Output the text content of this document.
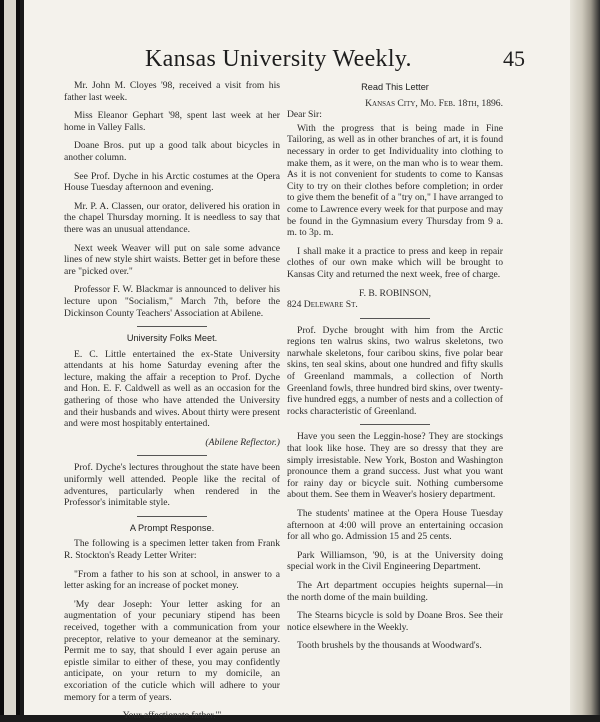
Kansas University Weekly.	45

Mr. John M. Cloyes '98, received a visit from his father last week.

Miss Eleanor Gephart '98, spent last week at her home in Valley Falls.

Doane Bros. put up a good talk about bicycles in another column.

See Prof. Dyche in his Arctic costumes at the Opera House Tuesday afternoon and evening.

Mr. P. A. Classen, our orator, delivered his oration in the chapel Thursday morning. It is needless to say that there was an unusual attendance.

Next week Weaver will put on sale some advance lines of new style shirt waists. Better get in before these are "picked over."

Professor F. W. Blackmar is announced to deliver his lecture upon "Socialism," March 7th, before the Dickinson County Teachers' Association at Abilene.

University Folks Meet.

E. C. Little entertained the ex-State University attendants at his home Saturday evening after the lecture, making the affair a reception to Prof. Dyche and Hon. E. F. Caldwell as well as an occasion for the gathering of those who have attended the University and their husbands and wives. About thirty were present and were most hospitably entertained.

(Abilene Reflector.)

Prof. Dyche's lectures throughout the state have been uniformly well attended. People like the recital of adventures, particularly when rendered in the Professor's inimitable style.

A Prompt Response.

The following is a specimen letter taken from Frank R. Stockton's Ready Letter Writer:

"From a father to his son at school, in answer to a letter asking for an increase of pocket money.

'My dear Joseph: Your letter asking for an augmentation of your pecuniary stipend has been received, together with a communication from your preceptor, relative to your demeanor at the seminary. Permit me to say, that should I ever again peruse an epistle similar to either of these, you may confidently anticipate, on your return to my domicile, an excoriation of the cuticle which will adhere to your memory for a term of years.

Your affectionate father.'"

Read This Letter

Kansas City, Mo. Feb. 18th, 1896.

Dear Sir:

With the progress that is being made in Fine Tailoring, as well as in other branches of art, it is found necessary in order to get Individuality into clothing to make them, as it were, on the man who is to wear them. As it is not convenient for students to come to Kansas City to try on their clothes before completion; in order to give them the benefit of a "try on," I have arranged to come to Lawrence every week for that purpose and may be found in the Gymnasium every Thursday from 9 a. m. to 3p. m.

I shall make it a practice to press and keep in repair clothes of our own make which will be brought to Kansas City and returned the next week, free of charge.

F. B. ROBINSON,

824 Deleware St.

Prof. Dyche brought with him from the Arctic regions ten walrus skins, two walrus skeletons, two narwhale skeletons, four caribou skins, five polar bear skins, ten seal skins, about one hundred and fifty skulls of Greenland mammals, a collection of North Greenland fowls, three hundred bird skins, over twenty-five hundred eggs, a number of nests and a collection of rocks characteristic of Greenland.

Have you seen the Leggin-hose? They are stockings that look like hose. They are so dressy that they are simply irresistable. New York, Boston and Washington pronounce them a grand success. Just what you want for rainy day or bicycle suit. Nothing cumbersome about them. See them in Weaver's hosiery department.

The students' matinee at the Opera House Tuesday afternoon at 4:00 will prove an entertaining occasion for all who go. Admission 15 and 25 cents.

Park Williamson, '90, is at the University doing special work in the Civil Engineering Department.

The Art department occupies heights supernal—in the north dome of the main building.

The Stearns bicycle is sold by Doane Bros. See their notice elsewhere in the Weekly.

Tooth brushels by the thousands at Woodward's.
